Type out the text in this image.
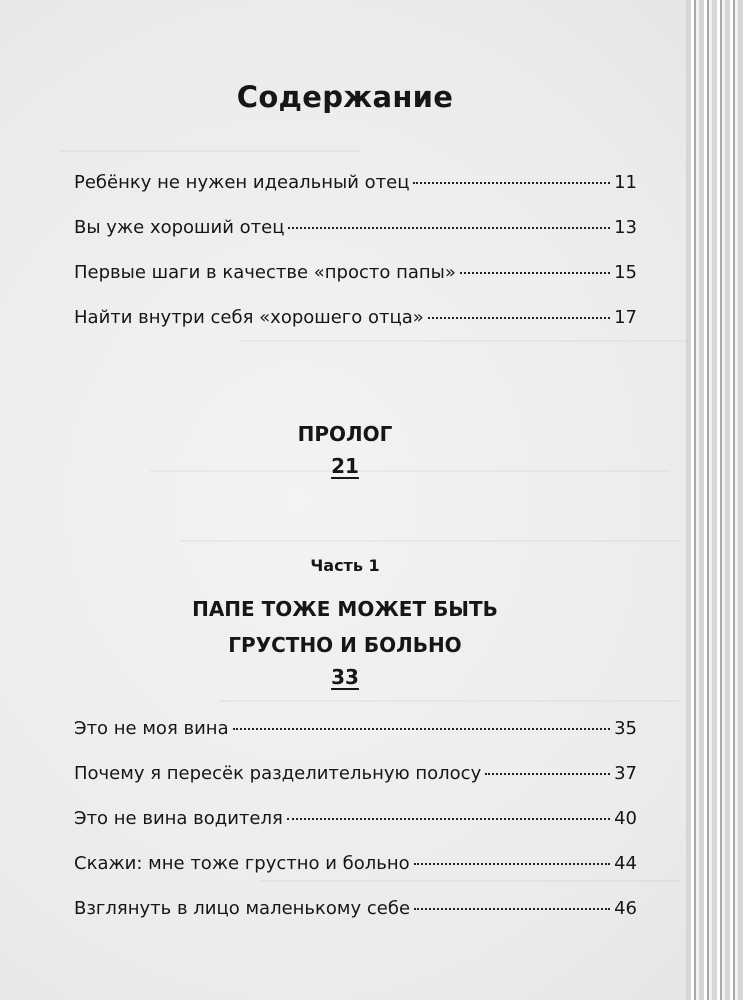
Содержание
Ребёнку не нужен идеальный отец	11
Вы уже хороший отец	13
Первые шаги в качестве «просто папы»	15
Найти внутри себя «хорошего отца»	17
ПРОЛОГ
21
Часть 1
ПАПЕ ТОЖЕ МОЖЕТ БЫТЬ
ГРУСТНО И БОЛЬНО
33
Это не моя вина	35
Почему я пересёк разделительную полосу	37
Это не вина водителя	40
Скажи: мне тоже грустно и больно	44
Взглянуть в лицо маленькому себе	46
